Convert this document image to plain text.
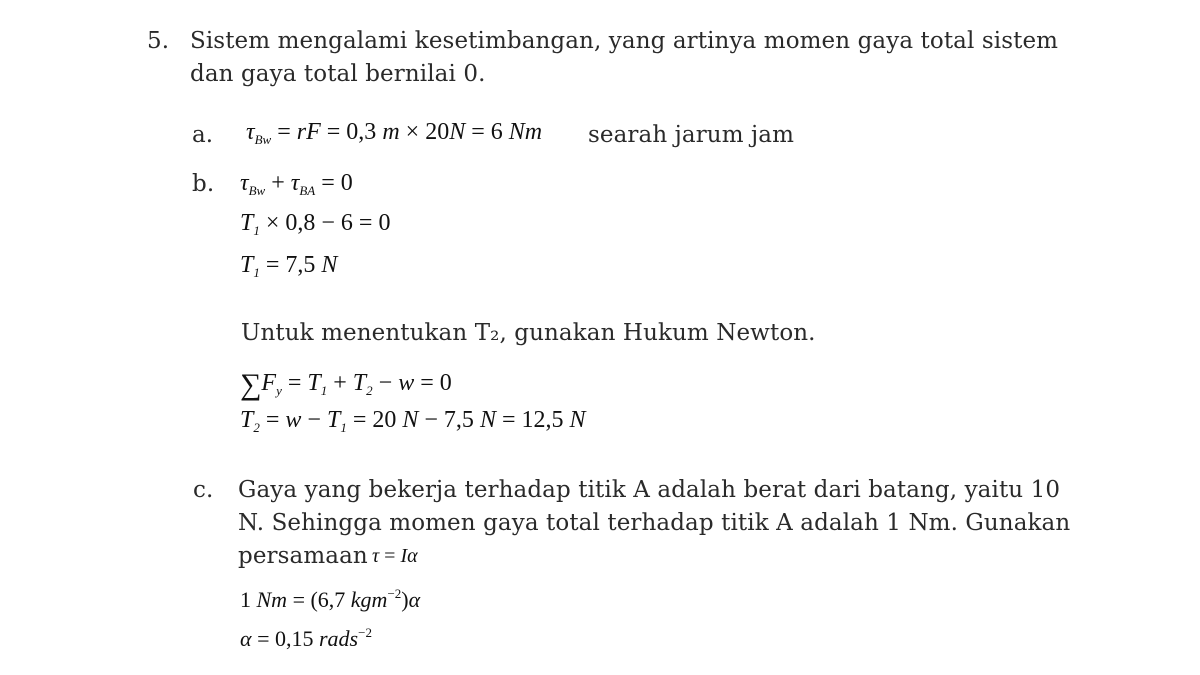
5. Sistem mengalami kesetimbangan, yang artinya momen gaya total sistem
dan gaya total bernilai 0.
a. $\tau_{Bw}$ = rF = 0,3 m × 20N = 6 Nm searah jarum jam
b. $\tau_{Bw} + \tau_{BA} = 0$
$T_1 \times 0,8 - 6 = 0$
$T_1 = 7,5$ N
Untuk menentukan T₂, gunakan Hukum Newton.
$\sum F_y = T_1 + T_2 - w = 0$
$T_2 = w - T_1 = 20$ N − 7,5 N = 12,5 N
c. Gaya yang bekerja terhadap titik A adalah berat dari batang, yaitu 10
N. Sehingga momen gaya total terhadap titik A adalah 1 Nm. Gunakan
persamaan τ = Iα
1 Nm = (6,7 kgm$^{-2}$)α
α = 0,15 rads$^{-2}$
